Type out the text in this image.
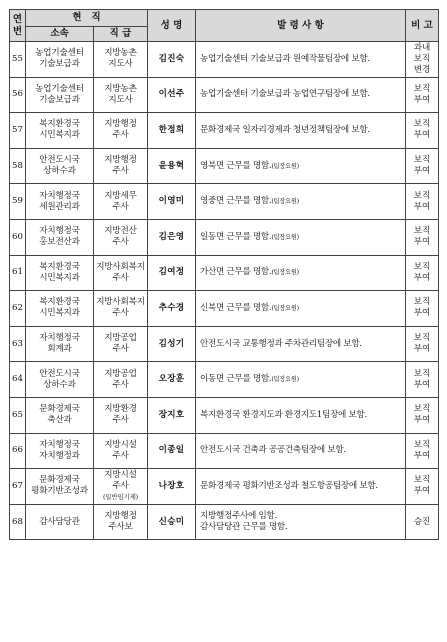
연
번	현   직		성 명	발 령 사 항	비 고
	소속	직 급			
55	농업기술센터
기술보급과	지방농촌
지도사	김진숙	농업기술센터 기술보급과 원예작물팀장에 보함.	과내
보직
변경
56	농업기술센터
기술보급과	지방농촌
지도사	이선주	농업기술센터 기술보급과 농업연구팀장에 보함.	보직
부여
57	복지환경국
시민복지과	지방행정
주사	한정희	문화경제국 일자리경제과 청년정책팀장에 보함.	보직
부여
58	안전도시국
상하수과	지방행정
주사	윤용혁	영북면 근무를 명함.(팀장요원)	보직
부여
59	자치행정국
세원관리과	지방세무
주사	이영미	영중면 근무를 명함.(팀장요원)	보직
부여
60	자치행정국
홍보전산과	지방전산
주사	김은영	일동면 근무를 명함.(팀장요원)	보직
부여
61	복지환경국
시민복지과	지방사회복지
주사	김여정	가산면 근무를 명함.(팀장요원)	보직
부여
62	복지환경국
시민복지과	지방사회복지
주사	추수경	신북면 근무를 명함.(팀장요원)	보직
부여
63	자치행정국
회계과	지방공업
주사	김성기	안전도시국 교통행정과 주차관리팀장에 보함.	보직
부여
64	안전도시국
상하수과	지방공업
주사	오장훈	이동면 근무를 명함.(팀장요원)	보직
부여
65	문화경제국
축산과	지방환경
주사	장지호	복지환경국 환경지도과 환경지도1팀장에 보함.	보직
부여
66	자치행정국
자치행정과	지방시설
주사	이종일	안전도시국 건축과 공공건축팀장에 보함.	보직
부여
67	문화경제국
평화기반조성과	지방시설
주사
(일반임기제)	나장호	문화경제국 평화기반조성과 철도항공팀장에 보함.	보직
부여
68	감사담당관	지방행정
주사보	신승미	지방행정주사에 임함.
감사담당관 근무를 명함.	승진
